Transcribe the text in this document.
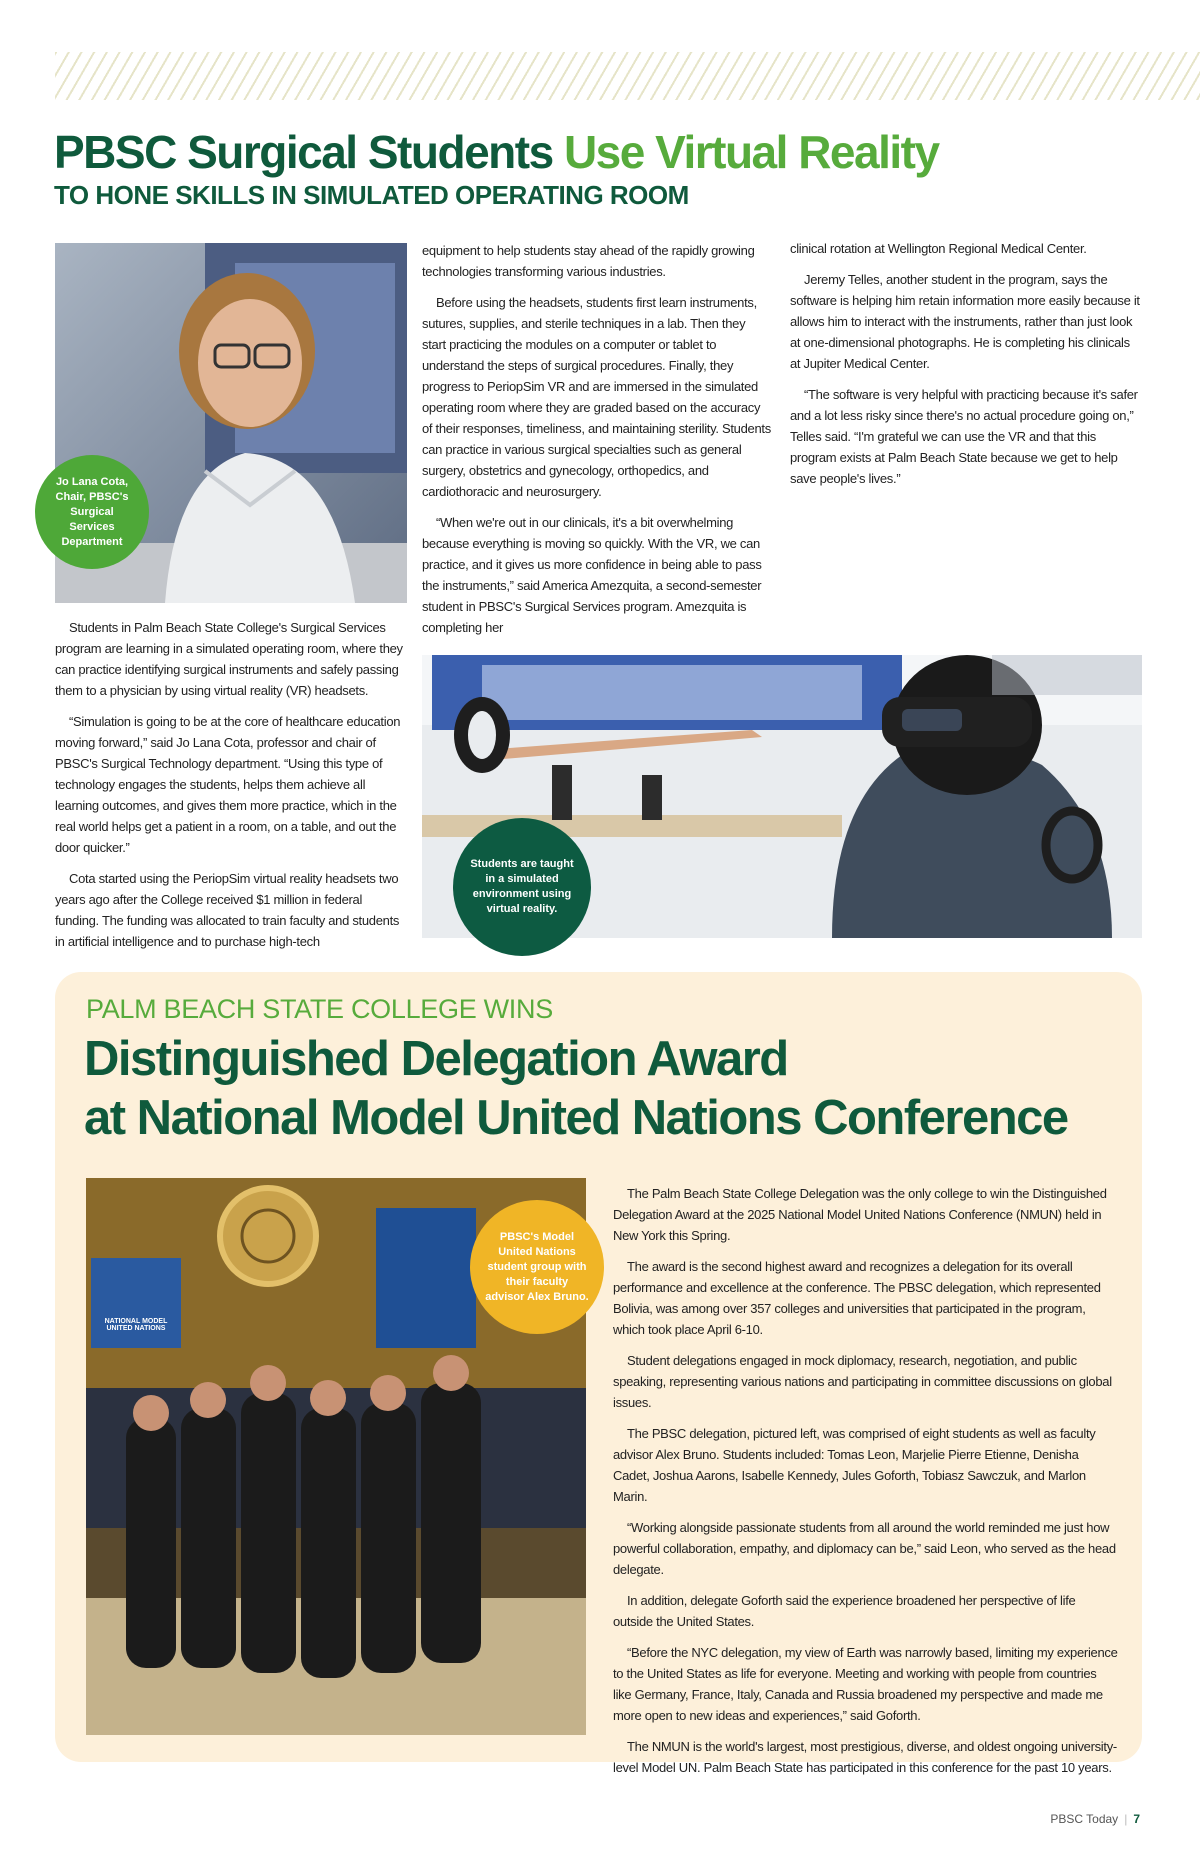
PBSC Surgical Students Use Virtual Reality
TO HONE SKILLS IN SIMULATED OPERATING ROOM
Jo Lana Cota, Chair, PBSC's Surgical Services Department

Students in Palm Beach State College's Surgical Services program are learning in a simulated operating room, where they can practice identifying surgical instruments and safely passing them to a physician by using virtual reality (VR) headsets.

“Simulation is going to be at the core of healthcare education moving forward,” said Jo Lana Cota, professor and chair of PBSC's Surgical Technology department. “Using this type of technology engages the students, helps them achieve all learning outcomes, and gives them more practice, which in the real world helps get a patient in a room, on a table, and out the door quicker.”

Cota started using the PeriopSim virtual reality headsets two years ago after the College received $1 million in federal funding. The funding was allocated to train faculty and students in artificial intelligence and to purchase high-tech

equipment to help students stay ahead of the rapidly growing technologies transforming various industries.

Before using the headsets, students first learn instruments, sutures, supplies, and sterile techniques in a lab. Then they start practicing the modules on a computer or tablet to understand the steps of surgical procedures. Finally, they progress to PeriopSim VR and are immersed in the simulated operating room where they are graded based on the accuracy of their responses, timeliness, and maintaining sterility. Students can practice in various surgical specialties such as general surgery, obstetrics and gynecology, orthopedics, and cardiothoracic and neurosurgery.

“When we're out in our clinicals, it's a bit overwhelming because everything is moving so quickly. With the VR, we can practice, and it gives us more confidence in being able to pass the instruments,” said America Amezquita, a second-semester student in PBSC's Surgical Services program. Amezquita is completing her

clinical rotation at Wellington Regional Medical Center.

Jeremy Telles, another student in the program, says the software is helping him retain information more easily because it allows him to interact with the instruments, rather than just look at one-dimensional photographs. He is completing his clinicals at Jupiter Medical Center.

“The software is very helpful with practicing because it's safer and a lot less risky since there's no actual procedure going on,” Telles said. “I'm grateful we can use the VR and that this program exists at Palm Beach State because we get to help save people's lives.”

Students are taught in a simulated environment using virtual reality.

PALM BEACH STATE COLLEGE WINS

Distinguished Delegation Award
at National Model United Nations Conference
NATIONAL MODEL UNITED NATIONS
PBSC's Model United Nations student group with their faculty advisor Alex Bruno.

The Palm Beach State College Delegation was the only college to win the Distinguished Delegation Award at the 2025 National Model United Nations Conference (NMUN) held in New York this Spring.

The award is the second highest award and recognizes a delegation for its overall performance and excellence at the conference. The PBSC delegation, which represented Bolivia, was among over 357 colleges and universities that participated in the program, which took place April 6-10.

Student delegations engaged in mock diplomacy, research, negotiation, and public speaking, representing various nations and participating in committee discussions on global issues.

The PBSC delegation, pictured left, was comprised of eight students as well as faculty advisor Alex Bruno. Students included: Tomas Leon, Marjelie Pierre Etienne, Denisha Cadet, Joshua Aarons, Isabelle Kennedy, Jules Goforth, Tobiasz Sawczuk, and Marlon Marin.

“Working alongside passionate students from all around the world reminded me just how powerful collaboration, empathy, and diplomacy can be,” said Leon, who served as the head delegate.

In addition, delegate Goforth said the experience broadened her perspective of life outside the United States.

“Before the NYC delegation, my view of Earth was narrowly based, limiting my experience to the United States as life for everyone. Meeting and working with people from countries like Germany, France, Italy, Canada and Russia broadened my perspective and made me more open to new ideas and experiences,” said Goforth.

The NMUN is the world's largest, most prestigious, diverse, and oldest ongoing university-level Model UN. Palm Beach State has participated in this conference for the past 10 years.

PBSC Today | 7
